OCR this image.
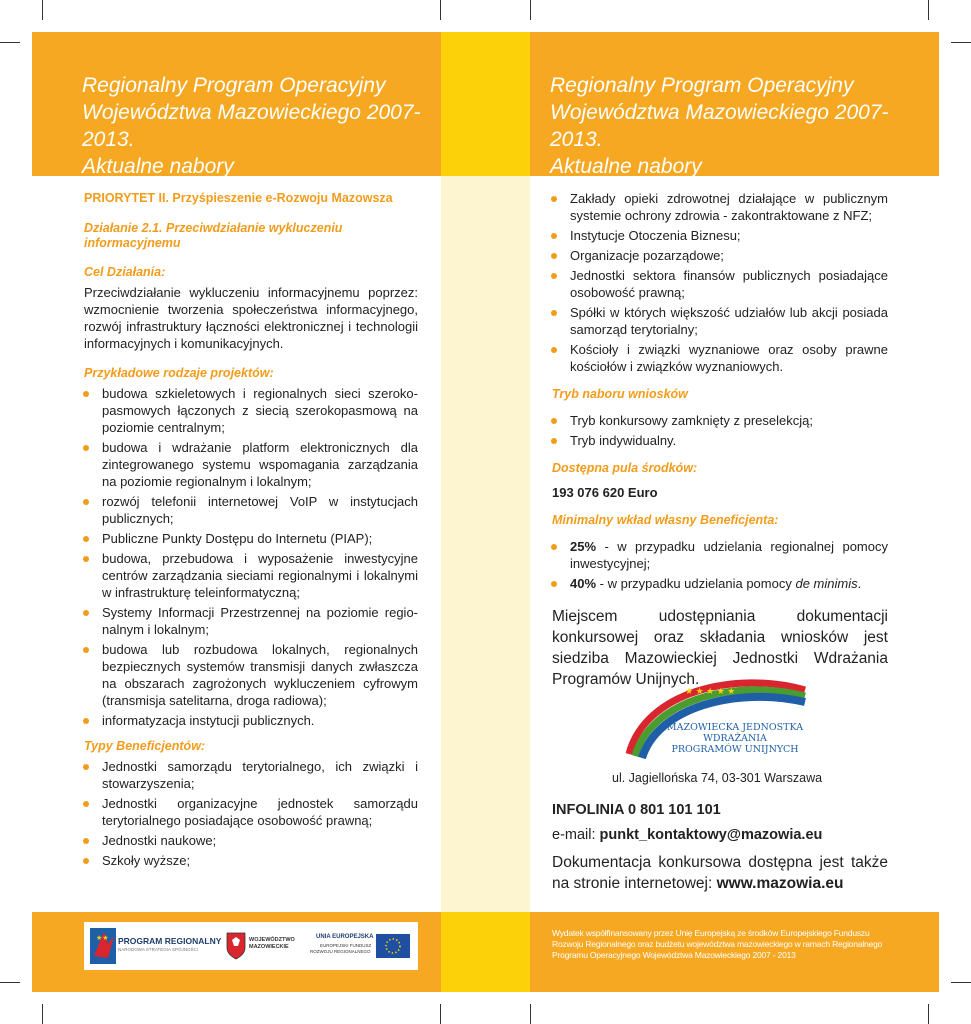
Regionalny Program Operacyjny
Województwa Mazowieckiego 2007-2013.
Aktualne nabory
Regionalny Program Operacyjny
Województwa Mazowieckiego 2007-2013.
Aktualne nabory

PRIORYTET II. Przyśpieszenie e-Rozwoju Mazowsza

Działanie 2.1. Przeciwdziałanie wykluczeniu informacyjnemu

Cel Działania:

Przeciwdziałanie wykluczeniu informacyjnemu poprzez: wzmocnienie tworzenia społeczeństwa informacyjnego, rozwój infrastruktury łączności elektronicznej i technologii informacyjnych i komunikacyjnych.

Przykładowe rodzaje projektów:

budowa szkieletowych i regionalnych sieci szeroko-pasmowych łączonych z siecią szerokopasmową na poziomie centralnym;
budowa i wdrażanie platform elektronicznych dla zintegrowanego systemu wspomagania zarządzania na poziomie regionalnym i lokalnym;
rozwój telefonii internetowej VoIP w instytucjach publicznych;
Publiczne Punkty Dostępu do Internetu (PIAP);
budowa, przebudowa i wyposażenie inwestycyjne centrów zarządzania sieciami regionalnymi i lokalnymi w infrastrukturę teleinformatyczną;
Systemy Informacji Przestrzennej na poziomie regio-nalnym i lokalnym;
budowa lub rozbudowa lokalnych, regionalnych bezpiecznych systemów transmisji danych zwłaszcza na obszarach zagrożonych wykluczeniem cyfrowym (transmisja satelitarna, droga radiowa);
informatyzacja instytucji publicznych.

Typy Beneficjentów:

Jednostki samorządu terytorialnego, ich związki i stowarzyszenia;
Jednostki organizacyjne jednostek samorządu terytorialnego posiadające osobowość prawną;
Jednostki naukowe;
Szkoły wyższe;
Zakłady opieki zdrowotnej działające w publicznym systemie ochrony zdrowia - zakontraktowane z NFZ;
Instytucje Otoczenia Biznesu;
Organizacje pozarządowe;
Jednostki sektora finansów publicznych posiadające osobowość prawną;
Spółki w których większość udziałów lub akcji posiada samorząd terytorialny;
Kościoły i związki wyznaniowe oraz osoby prawne kościołów i związków wyznaniowych.

Tryb naboru wniosków

Tryb konkursowy zamknięty z preselekcją;
Tryb indywidualny.

Dostępna pula środków:

193 076 620 Euro

Minimalny wkład własny Beneficjenta:

25% - w przypadku udzielania regionalnej pomocy inwestycyjnej;
40% - w przypadku udzielania pomocy de minimis.

Miejscem udostępniania dokumentacji konkursowej oraz składania wniosków jest siedziba Mazowieckiej Jednostki Wdrażania Programów Unijnych.

★ ★ ★ ★ ★
MAZOWIECKA JEDNOSTKA
WDRAŻANIA
PROGRAMÓW UNIJNYCH
ul. Jagiellońska 74, 03-301 Warszawa

INFOLINIA 0 801 101 101

e-mail: punkt_kontaktowy@mazowia.eu

Dokumentacja konkursowa dostępna jest także na stronie internetowej: www.mazowia.eu

★★ PROGRAM REGIONALNY
NARODOWA STRATEGIA SPÓJNOŚCI
WOJEWÓDZTWO
MAZOWIECKIE
UNIA EUROPEJSKA
EUROPEJSKI FUNDUSZ
ROZWOJU REGIONALNEGO
Wydatek współfinansowany przez Unię Europejską ze środków Europejskiego Funduszu Rozwoju Regionalnego oraz budżetu województwa mazowieckiego w ramach Regionalnego Programu Operacyjnego Województwa Mazowieckiego 2007 - 2013
